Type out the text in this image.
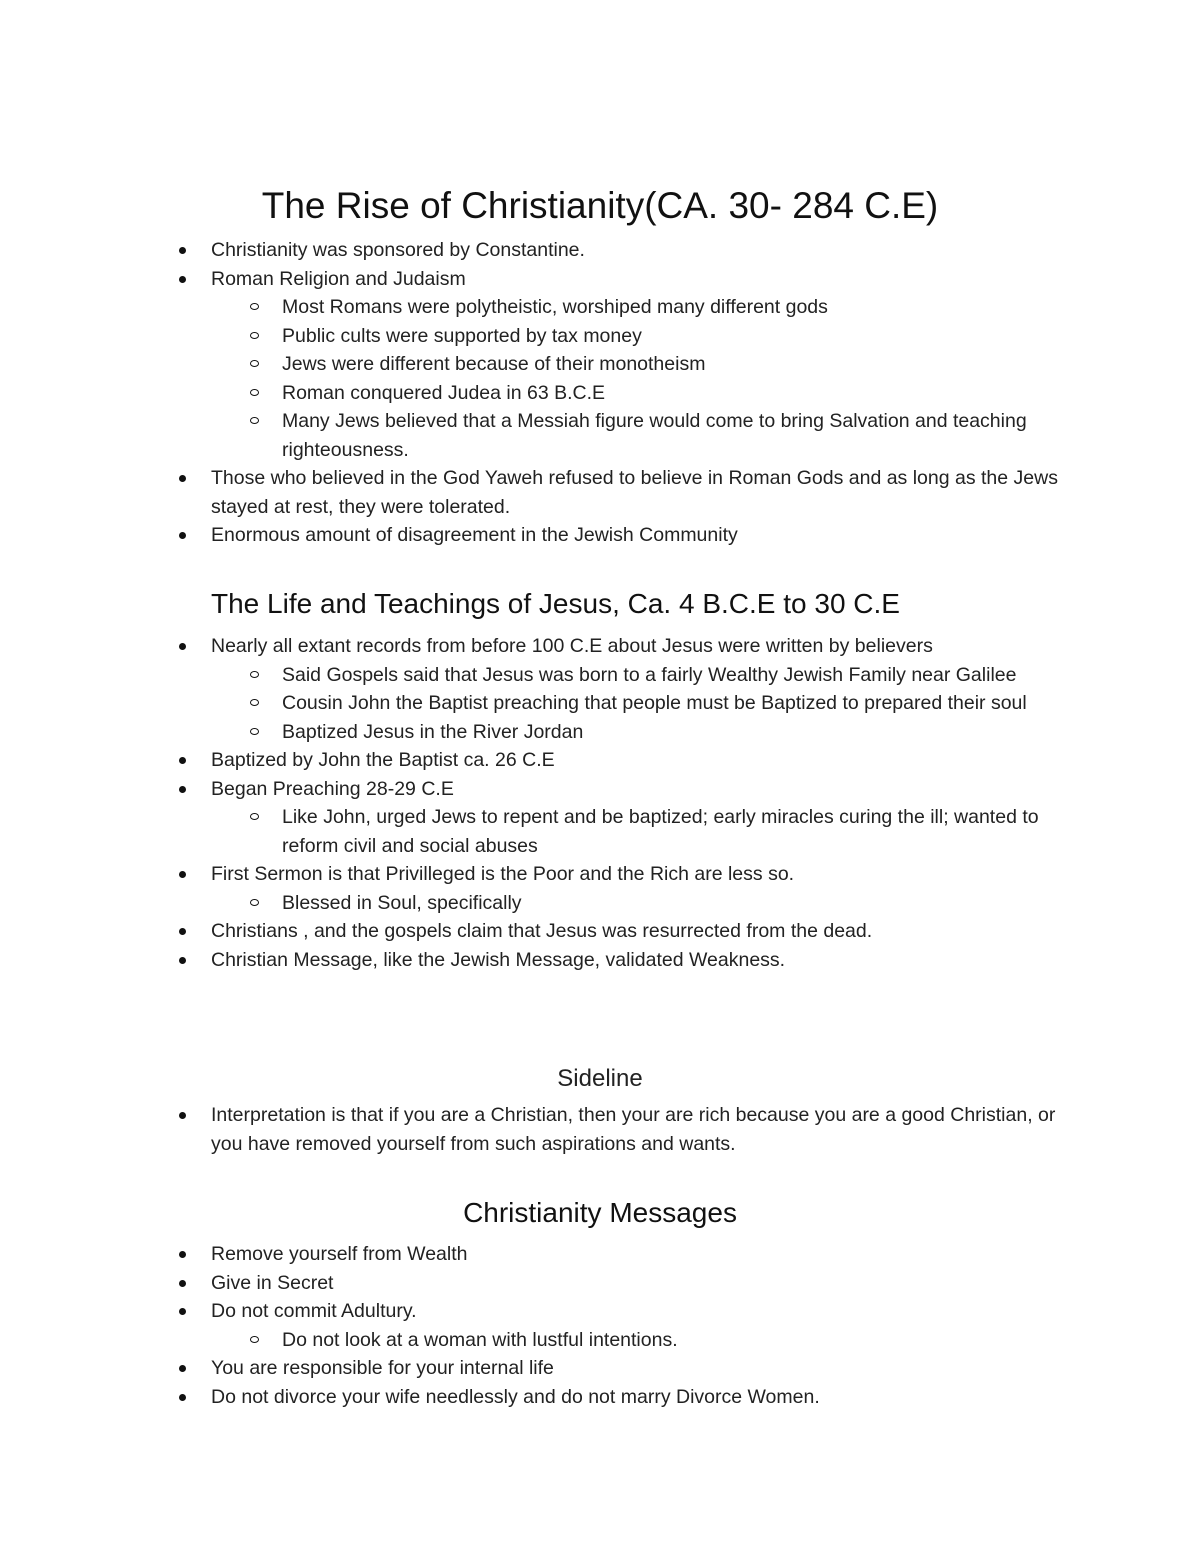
The Rise of Christianity(CA. 30- 284 C.E)
Christianity was sponsored by Constantine.
Roman Religion and Judaism
Most Romans were polytheistic, worshiped many different gods
Public cults were supported by tax money
Jews were different because of their monotheism
Roman conquered Judea in 63 B.C.E
Many Jews believed that a Messiah figure would come to bring Salvation and teaching righteousness.
Those who believed in the God Yaweh refused to believe in Roman Gods and as long as the Jews stayed at rest, they were tolerated.
Enormous amount of disagreement in the Jewish Community
The Life and Teachings of Jesus, Ca. 4 B.C.E to 30 C.E
Nearly all extant records from before 100 C.E about Jesus were written by believers
Said Gospels said that Jesus was born to a fairly Wealthy Jewish Family near Galilee
Cousin John the Baptist preaching that people must be Baptized to prepared their soul
Baptized Jesus in the River Jordan
Baptized by John the Baptist ca. 26 C.E
Began Preaching 28-29 C.E
Like John, urged Jews to repent and be baptized; early miracles curing the ill; wanted to reform civil and social abuses
First Sermon is that Privilleged is the Poor and the Rich are less so.
Blessed in Soul, specifically
Christians , and the gospels claim that Jesus was resurrected from the dead.
Christian Message, like the Jewish Message, validated Weakness.
Sideline
Interpretation is that if you are a Christian, then your are rich because you are a good Christian, or you have removed yourself from such aspirations and wants.
Christianity Messages
Remove yourself from Wealth
Give in Secret
Do not commit Adultury.
Do not look at a woman with lustful intentions.
You are responsible for your internal life
Do not divorce your wife needlessly and do not marry Divorce Women.
